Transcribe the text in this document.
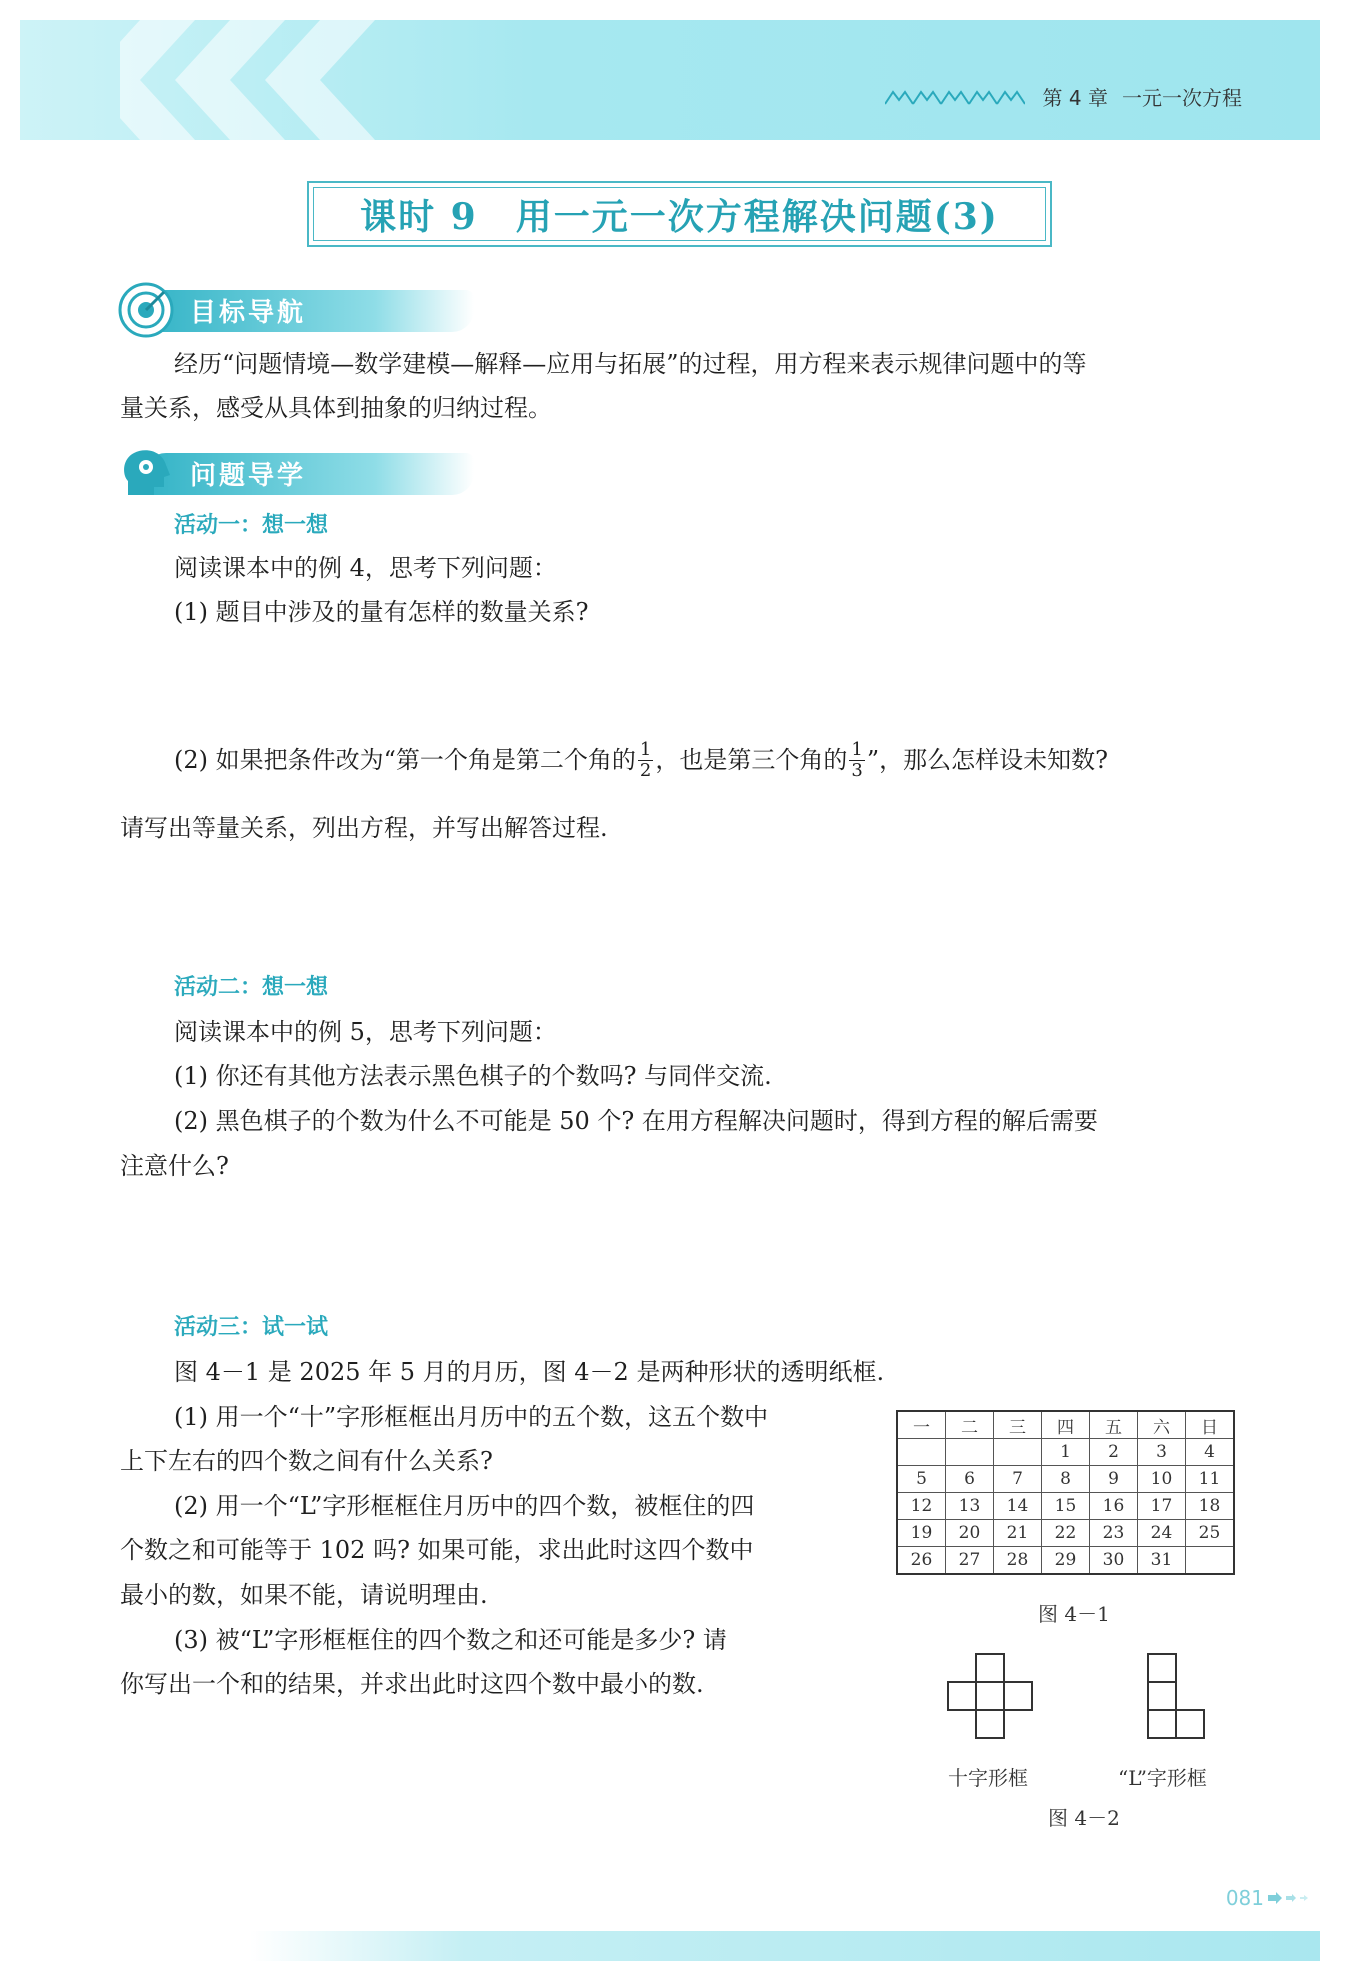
第 4 章 一元一次方程
课时 9　用一元一次方程解决问题(3)
目标导航
经历“问题情境—数学建模—解释—应用与拓展”的过程，用方程来表示规律问题中的等
量关系，感受从具体到抽象的归纳过程。
问题导学
活动一：想一想
阅读课本中的例 4，思考下列问题：
(1) 题目中涉及的量有怎样的数量关系?
(2) 如果把条件改为“第一个角是第二个角的 $\frac{1}{2}$ ，也是第三个角的 $\frac{1}{3}$ ”，那么怎样设未知数?
请写出等量关系，列出方程，并写出解答过程.
活动二：想一想
阅读课本中的例 5，思考下列问题：
(1) 你还有其他方法表示黑色棋子的个数吗? 与同伴交流.
(2) 黑色棋子的个数为什么不可能是 50 个? 在用方程解决问题时，得到方程的解后需要
注意什么?
活动三：试一试
图 4－1 是 2025 年 5 月的月历，图 4－2 是两种形状的透明纸框.
(1) 用一个“十”字形框框出月历中的五个数，这五个数中
上下左右的四个数之间有什么关系?
(2) 用一个“L”字形框框住月历中的四个数，被框住的四
个数之和可能等于 102 吗? 如果可能，求出此时这四个数中
最小的数，如果不能，请说明理由.
(3) 被“L”字形框框住的四个数之和还可能是多少? 请
你写出一个和的结果，并求出此时这四个数中最小的数.
一	二	三	四	五	六	日
			1	2	3	4
5	6	7	8	9	10	11
12	13	14	15	16	17	18
19	20	21	22	23	24	25
26	27	28	29	30	31	
图 4－1
十字形框	“L”字形框
图 4－2
081
